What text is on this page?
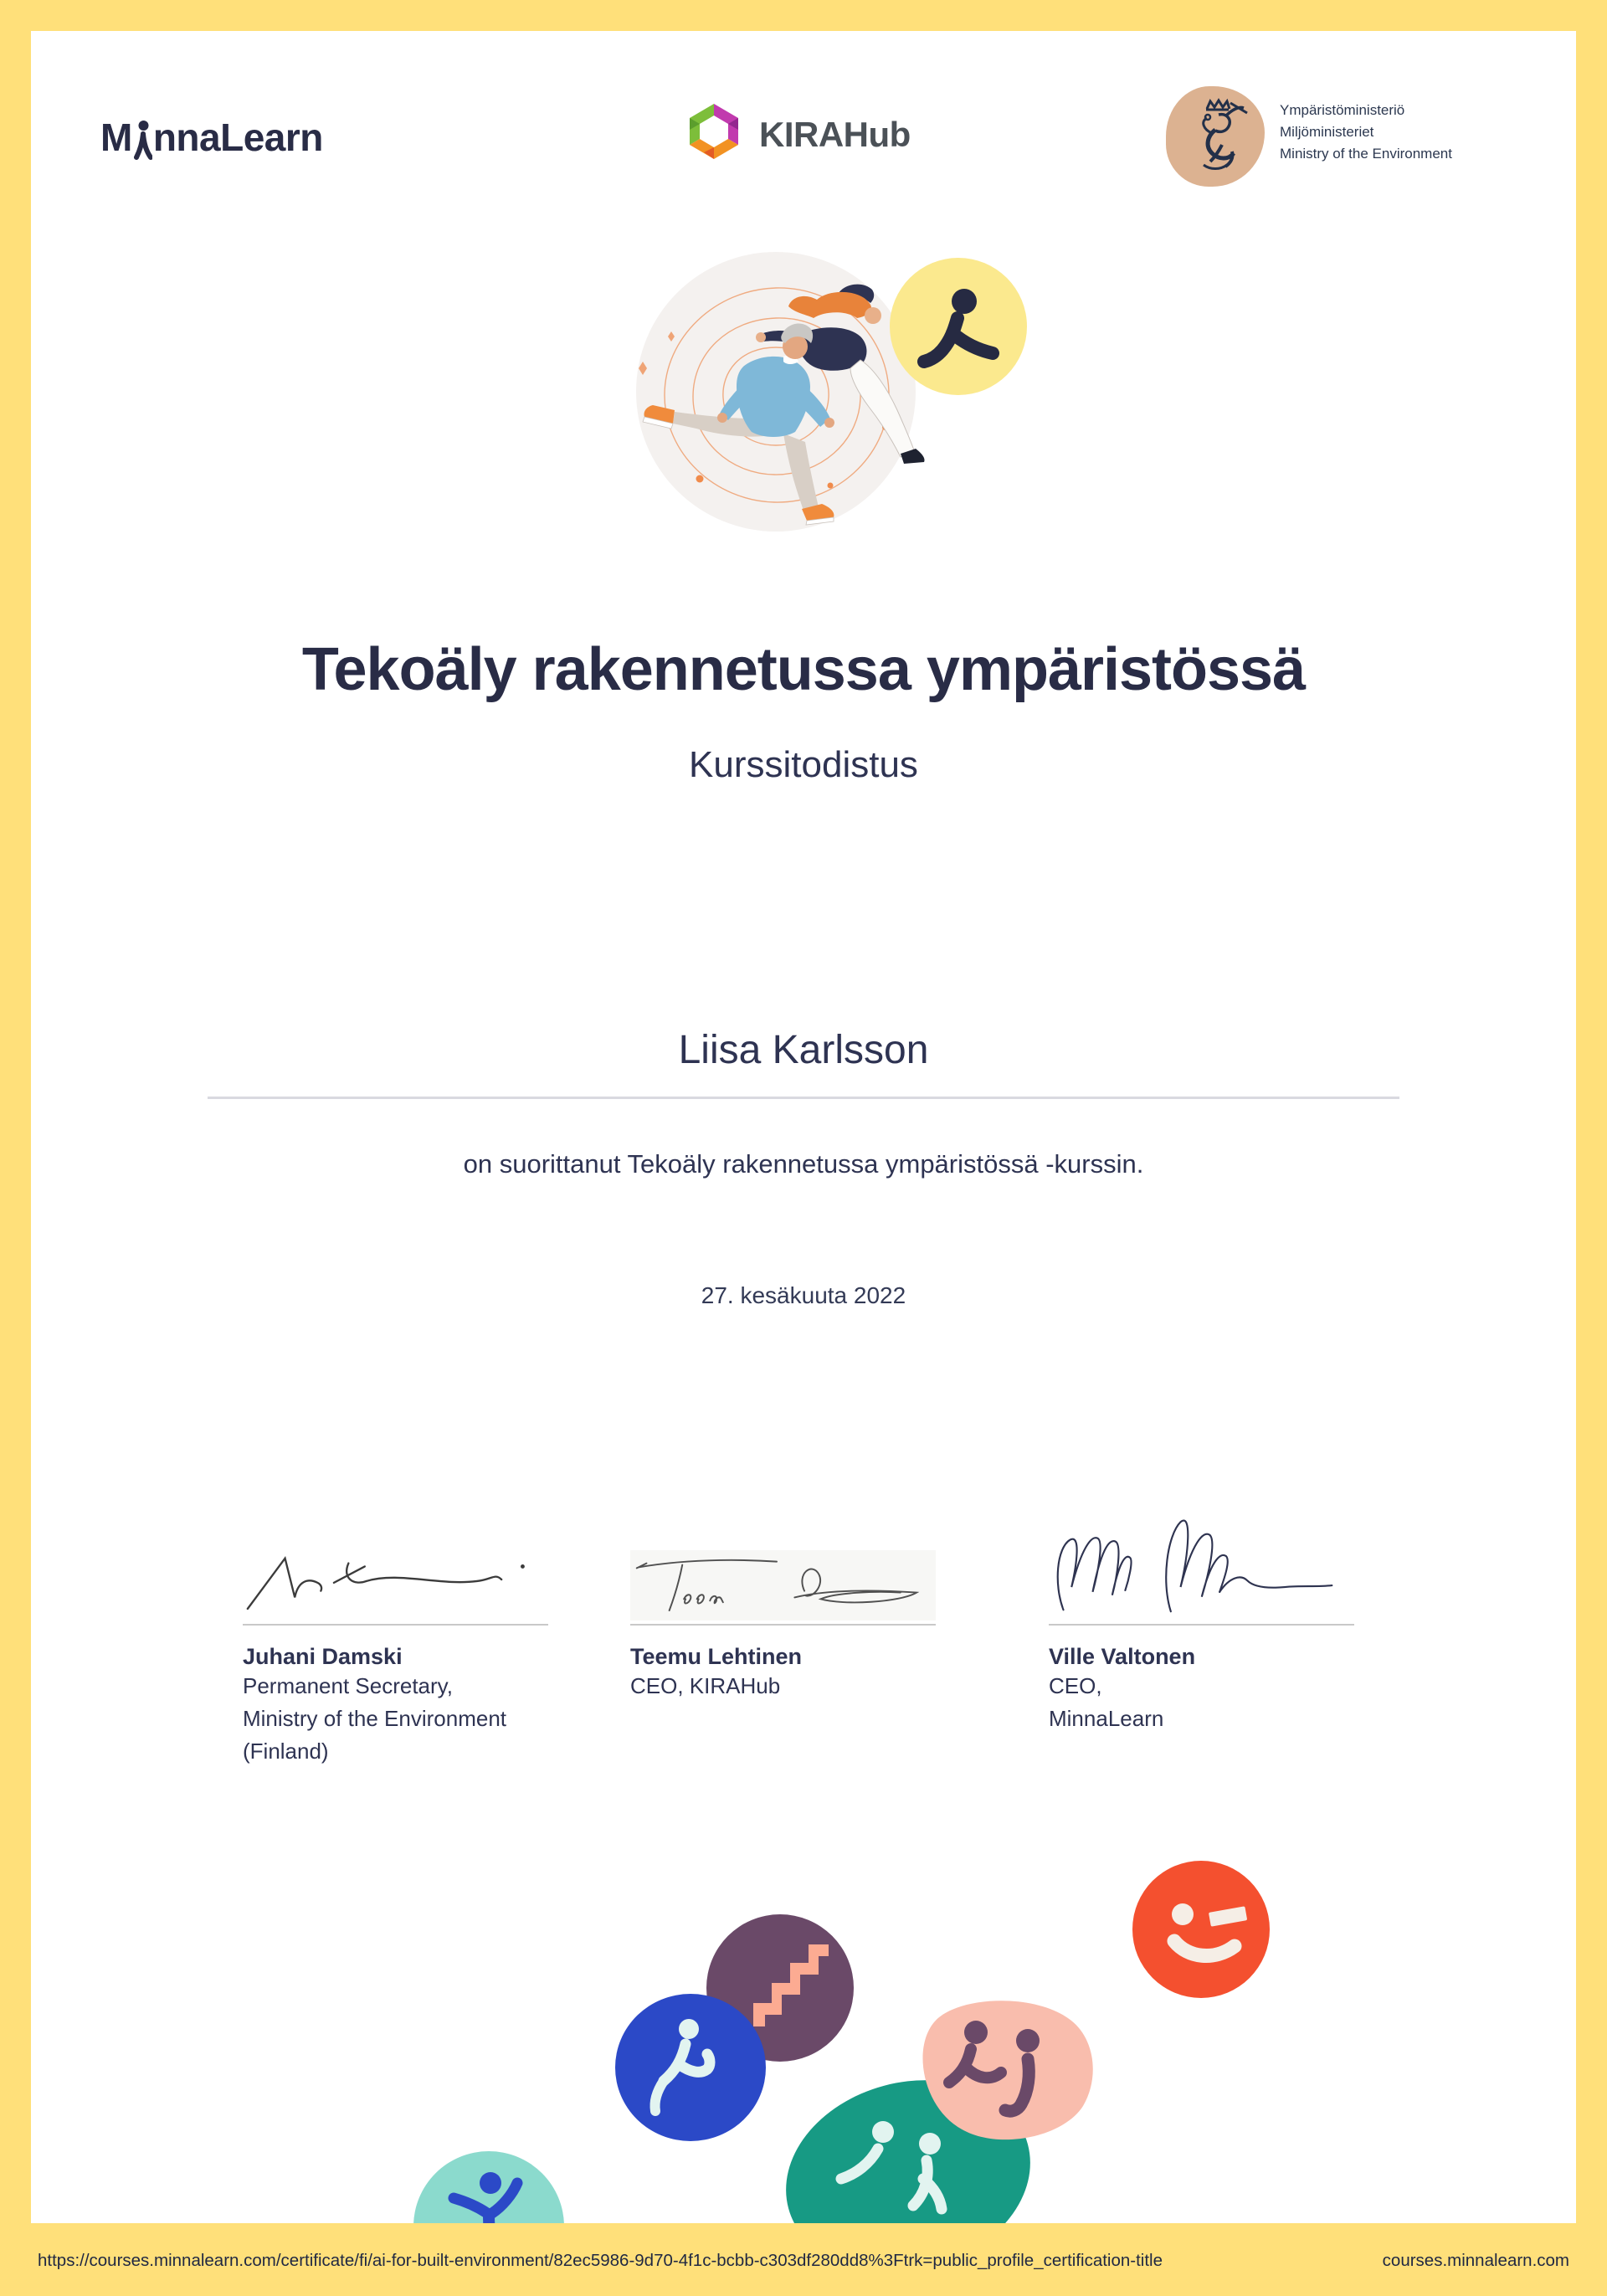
M nnaLearn	KIRAHub
Ympäristöministeriö
Miljöministeriet
Ministry of the Environment
Tekoäly rakennetussa ympäristössä
Kurssitodistus
Liisa Karlsson
on suorittanut Tekoäly rakennetussa ympäristössä -kurssin.
27. kesäkuuta 2022
Juhani Damski
Permanent Secretary,
Ministry of the Environment
(Finland)
Teemu Lehtinen
CEO, KIRAHub
Ville Valtonen
CEO,
MinnaLearn
https://courses.minnalearn.com/certificate/fi/ai-for-built-environment/82ec5986-9d70-4f1c-bcbb-c303df280dd8%3Ftrk=public_profile_certification-title	courses.minnalearn.com
